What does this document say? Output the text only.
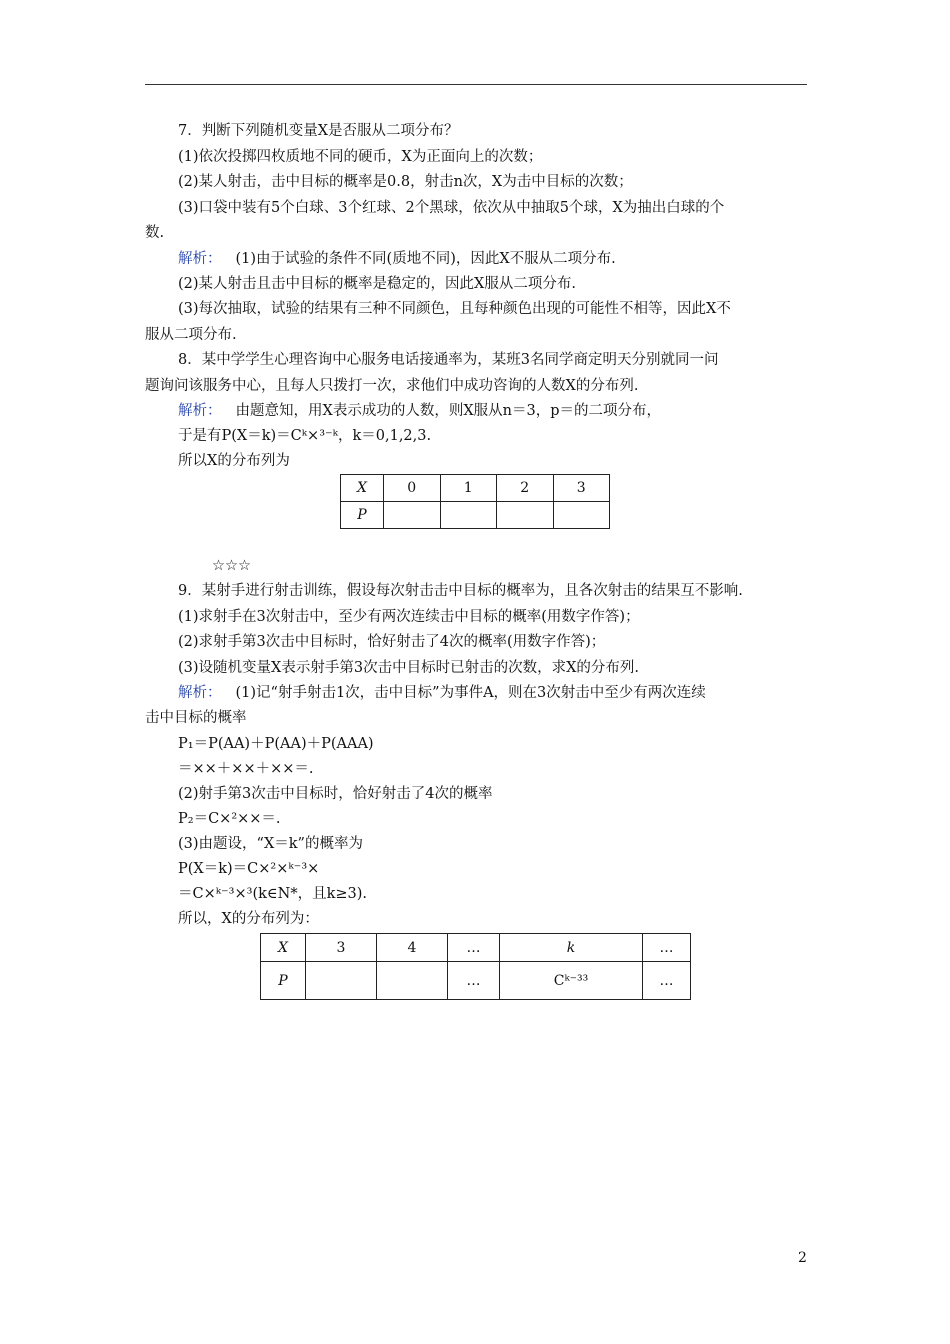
7．判断下列随机变量X是否服从二项分布？
(1)依次投掷四枚质地不同的硬币，X为正面向上的次数；
(2)某人射击，击中目标的概率是0.8，射击n次，X为击中目标的次数；
(3)口袋中装有5个白球、3个红球、2个黑球，依次从中抽取5个球，X为抽出白球的个
数.
解析： (1)由于试验的条件不同(质地不同)，因此X不服从二项分布.
(2)某人射击且击中目标的概率是稳定的，因此X服从二项分布.
(3)每次抽取，试验的结果有三种不同颜色，且每种颜色出现的可能性不相等，因此X不
服从二项分布.
8．某中学学生心理咨询中心服务电话接通率为，某班3名同学商定明天分别就同一问
题询问该服务中心，且每人只拨打一次，求他们中成功咨询的人数X的分布列.
解析： 由题意知，用X表示成功的人数，则X服从n＝3，p＝的二项分布，
于是有P(X＝k)＝Cᵏ×³⁻ᵏ，k＝0,1,2,3.
所以X的分布列为
X	0	1	2	3
P				
☆☆☆
9．某射手进行射击训练，假设每次射击击中目标的概率为，且各次射击的结果互不影响.
(1)求射手在3次射击中，至少有两次连续击中目标的概率(用数字作答)；
(2)求射手第3次击中目标时，恰好射击了4次的概率(用数字作答)；
(3)设随机变量X表示射手第3次击中目标时已射击的次数，求X的分布列.
解析： (1)记“射手射击1次，击中目标”为事件A，则在3次射击中至少有两次连续
击中目标的概率
P₁＝P(AA)＋P(AA)＋P(AAA)
＝××＋××＋××＝.
(2)射手第3次击中目标时，恰好射击了4次的概率
P₂＝C×²××＝.
(3)由题设，“X＝k”的概率为
P(X＝k)＝C×²×ᵏ⁻³×
＝C×ᵏ⁻³×³(k∈N*，且k≥3).
所以，X的分布列为：
X	3	4	…	k	…
P			…	Cᵏ⁻³³	…
2
